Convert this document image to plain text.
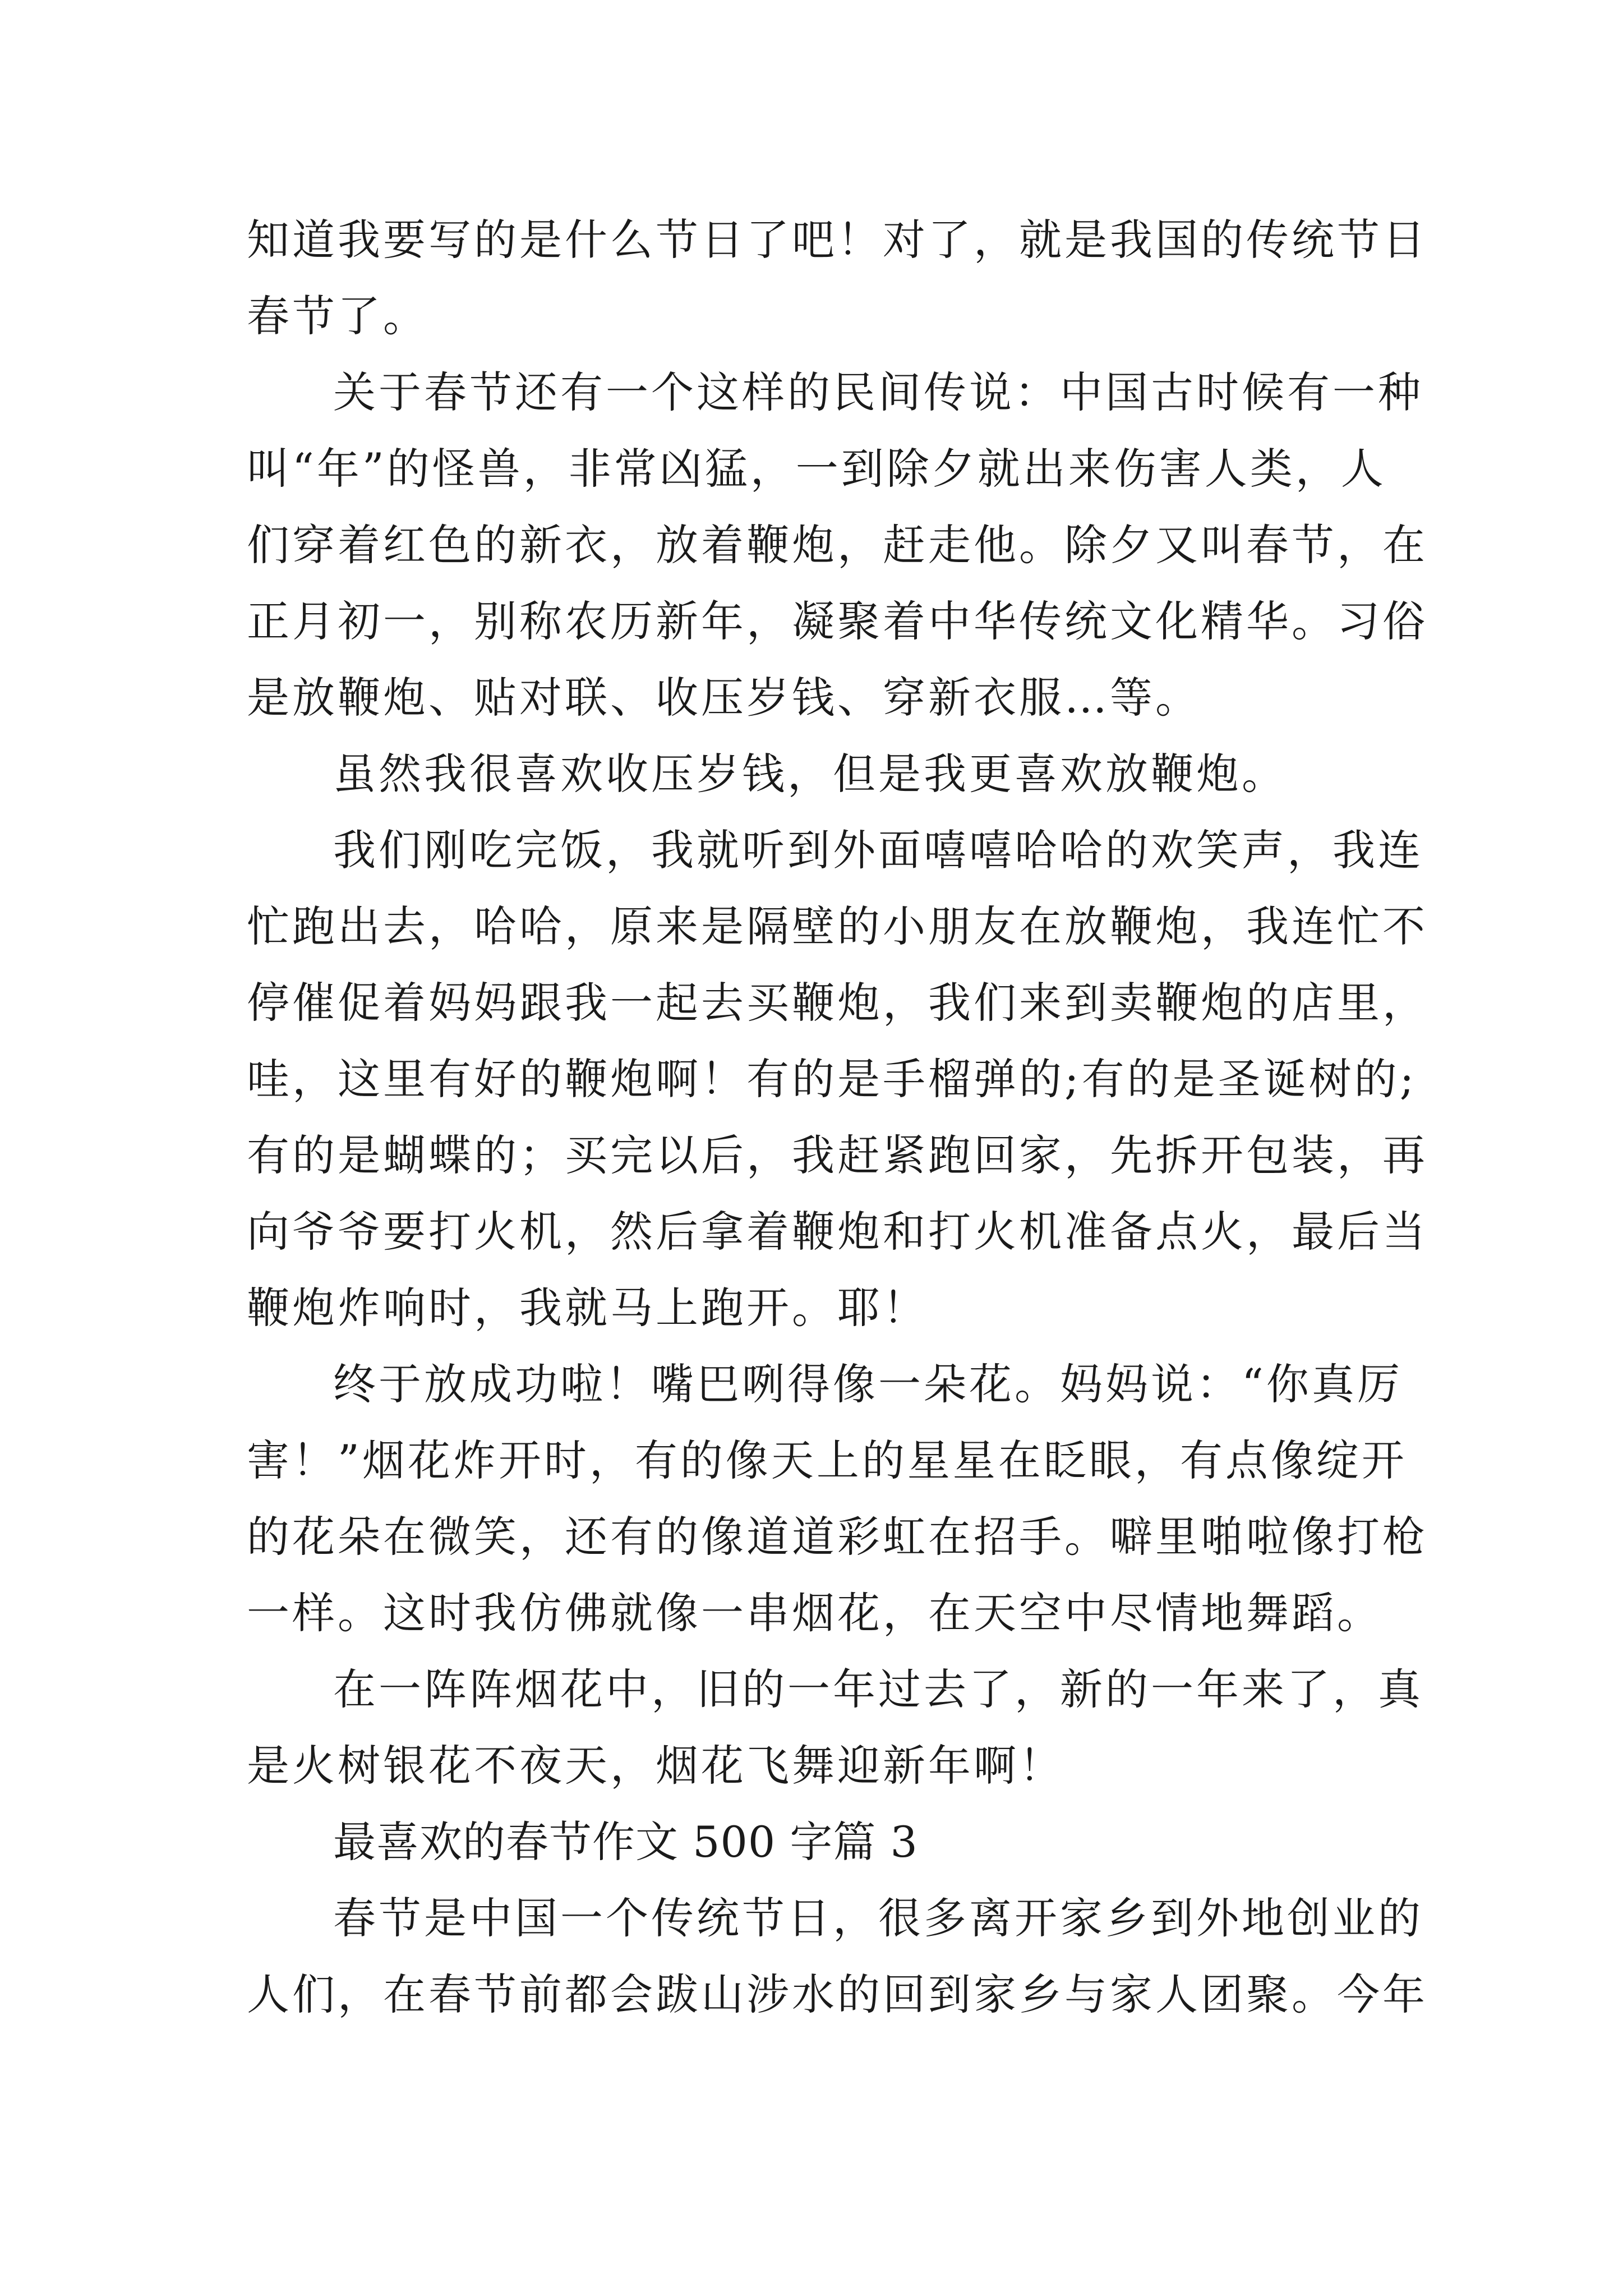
知道我要写的是什么节日了吧！对了，就是我国的传统节日
春节了。
关于春节还有一个这样的民间传说：中国古时候有一种
叫“年”的怪兽，非常凶猛，一到除夕就出来伤害人类，人
们穿着红色的新衣，放着鞭炮，赶走他。除夕又叫春节，在
正月初一，别称农历新年，凝聚着中华传统文化精华。习俗
是放鞭炮、贴对联、收压岁钱、穿新衣服…等。
虽然我很喜欢收压岁钱，但是我更喜欢放鞭炮。
我们刚吃完饭，我就听到外面嘻嘻哈哈的欢笑声，我连
忙跑出去，哈哈，原来是隔壁的小朋友在放鞭炮，我连忙不
停催促着妈妈跟我一起去买鞭炮，我们来到卖鞭炮的店里，
哇，这里有好的鞭炮啊！有的是手榴弹的;有的是圣诞树的;
有的是蝴蝶的；买完以后，我赶紧跑回家，先拆开包装，再
向爷爷要打火机，然后拿着鞭炮和打火机准备点火，最后当
鞭炮炸响时，我就马上跑开。耶！
终于放成功啦！嘴巴咧得像一朵花。妈妈说：“你真厉
害！”烟花炸开时，有的像天上的星星在眨眼，有点像绽开
的花朵在微笑，还有的像道道彩虹在招手。噼里啪啦像打枪
一样。这时我仿佛就像一串烟花，在天空中尽情地舞蹈。
在一阵阵烟花中，旧的一年过去了，新的一年来了，真
是火树银花不夜天，烟花飞舞迎新年啊！
最喜欢的春节作文 500 字篇 3
春节是中国一个传统节日，很多离开家乡到外地创业的
人们，在春节前都会跋山涉水的回到家乡与家人团聚。今年
